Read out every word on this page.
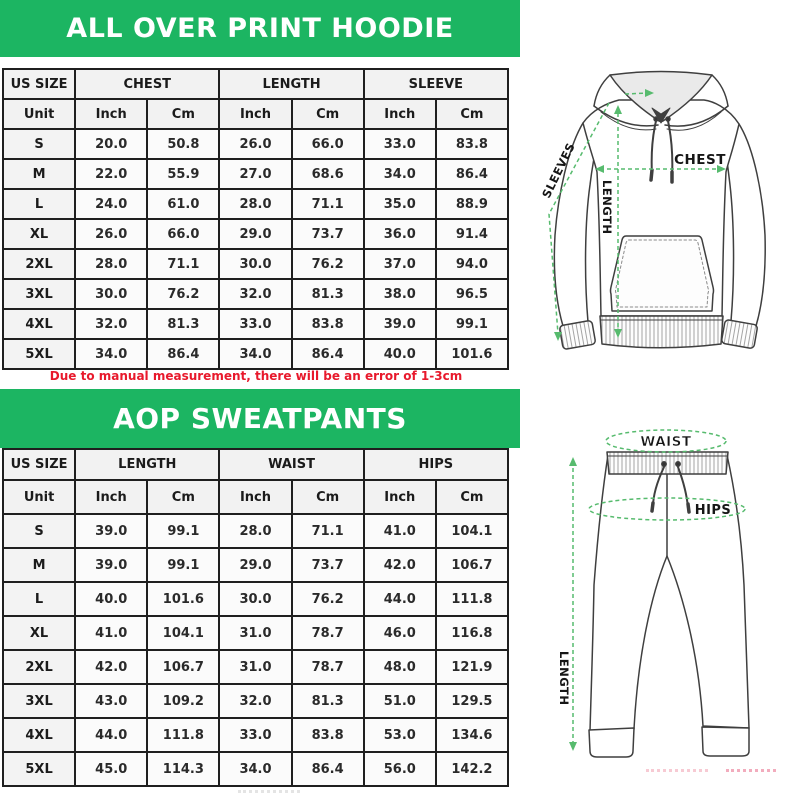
ALL OVER PRINT HOODIE
US SIZE	CHEST		LENGTH		SLEEVE	
Unit	Inch	Cm	Inch	Cm	Inch	Cm
S	20.0	50.8	26.0	66.0	33.0	83.8
M	22.0	55.9	27.0	68.6	34.0	86.4
L	24.0	61.0	28.0	71.1	35.0	88.9
XL	26.0	66.0	29.0	73.7	36.0	91.4
2XL	28.0	71.1	30.0	76.2	37.0	94.0
3XL	30.0	76.2	32.0	81.3	38.0	96.5
4XL	32.0	81.3	33.0	83.8	39.0	99.1
5XL	34.0	86.4	34.0	86.4	40.0	101.6
Due to manual measurement, there will be an error of 1-3cm
AOP SWEATPANTS
US SIZE	LENGTH		WAIST		HIPS	
Unit	Inch	Cm	Inch	Cm	Inch	Cm
S	39.0	99.1	28.0	71.1	41.0	104.1
M	39.0	99.1	29.0	73.7	42.0	106.7
L	40.0	101.6	30.0	76.2	44.0	111.8
XL	41.0	104.1	31.0	78.7	46.0	116.8
2XL	42.0	106.7	31.0	78.7	48.0	121.9
3XL	43.0	109.2	32.0	81.3	51.0	129.5
4XL	44.0	111.8	33.0	83.8	53.0	134.6
5XL	45.0	114.3	34.0	86.4	56.0	142.2
SLEEVES
LENGTH
CHEST
WAIST
HIPS
LENGTH
